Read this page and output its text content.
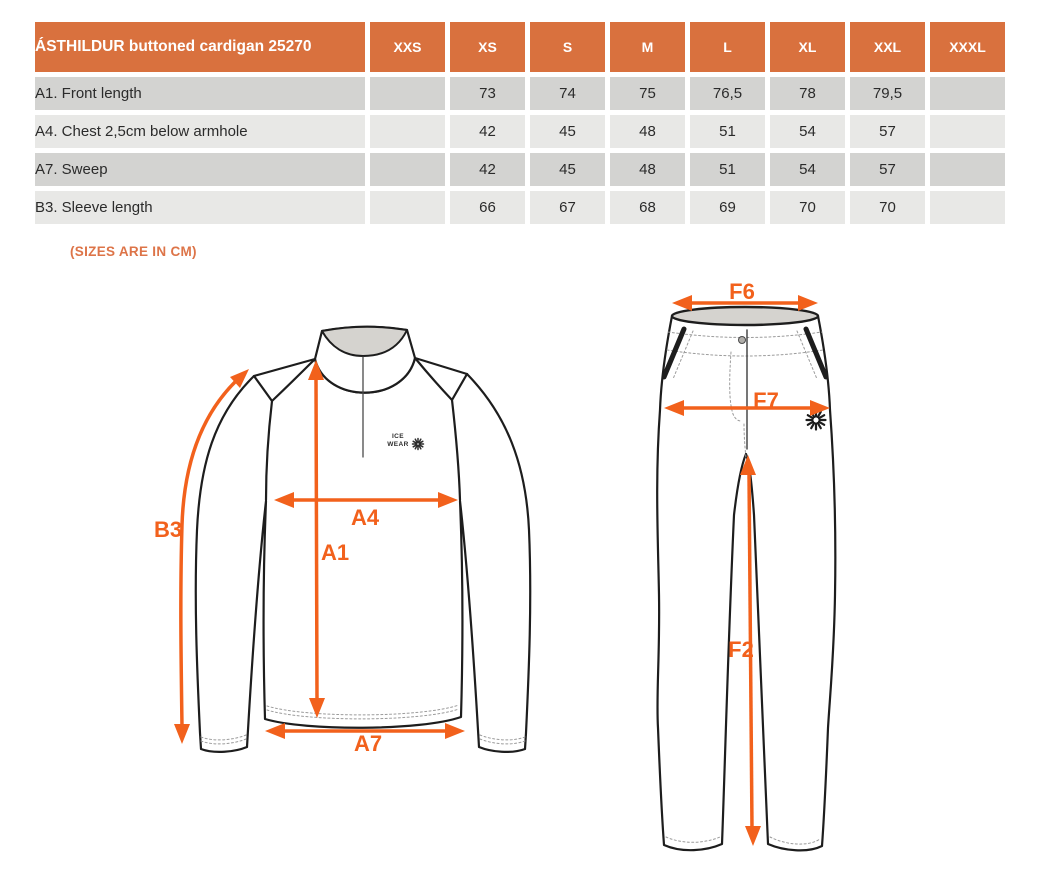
ÁSTHILDUR buttoned cardigan 25270	XXS	XS	S	M	L	XL	XXL	XXXL
A1. Front length		73	74	75	76,5	78	79,5	
A4. Chest 2,5cm below armhole		42	45	48	51	54	57	
A7. Sweep		42	45	48	51	54	57	
B3. Sleeve length		66	67	68	69	70	70	
(SIZES ARE IN CM)
B3
A1
A4
A7
F6
F7
F2
ICE
WEAR
